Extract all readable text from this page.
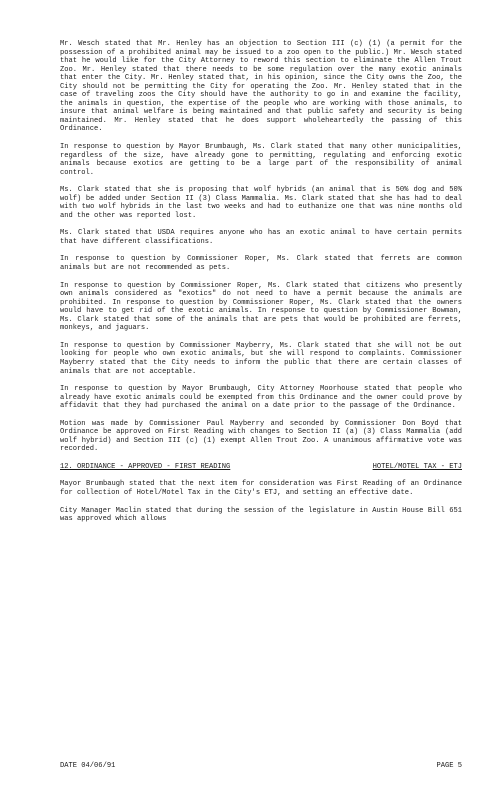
Mr. Wesch stated that Mr. Henley has an objection to Section III (c) (1) (a permit for the possession of a prohibited animal may be issued to a zoo open to the public.) Mr. Wesch stated that he would like for the City Attorney to reword this section to eliminate the Allen Trout Zoo. Mr. Henley stated that there needs to be some regulation over the many exotic animals that enter the City. Mr. Henley stated that, in his opinion, since the City owns the Zoo, the City should not be permitting the City for operating the Zoo. Mr. Henley stated that in the case of traveling zoos the City should have the authority to go in and examine the facility, the animals in question, the expertise of the people who are working with those animals, to insure that animal welfare is being maintained and that public safety and security is being maintained. Mr. Henley stated that he does support wholeheartedly the passing of this Ordinance.

In response to question by Mayor Brumbaugh, Ms. Clark stated that many other municipalities, regardless of the size, have already gone to permitting, regulating and enforcing exotic animals because exotics are getting to be a large part of the responsibility of animal control.

Ms. Clark stated that she is proposing that wolf hybrids (an animal that is 50% dog and 50% wolf) be added under Section II (3) Class Mammalia. Ms. Clark stated that she has had to deal with two wolf hybrids in the last two weeks and had to euthanize one that was nine months old and the other was reported lost.

Ms. Clark stated that USDA requires anyone who has an exotic animal to have certain permits that have different classifications.

In response to question by Commissioner Roper, Ms. Clark stated that ferrets are common animals but are not recommended as pets.

In response to question by Commissioner Roper, Ms. Clark stated that citizens who presently own animals considered as "exotics" do not need to have a permit because the animals are prohibited. In response to question by Commissioner Roper, Ms. Clark stated that the owners would have to get rid of the exotic animals. In response to question by Commissioner Bowman, Ms. Clark stated that some of the animals that are pets that would be prohibited are ferrets, monkeys, and jaguars.

In response to question by Commissioner Mayberry, Ms. Clark stated that she will not be out looking for people who own exotic animals, but she will respond to complaints. Commissioner Mayberry stated that the City needs to inform the public that there are certain classes of animals that are not acceptable.

In response to question by Mayor Brumbaugh, City Attorney Moorhouse stated that people who already have exotic animals could be exempted from this Ordinance and the owner could prove by affidavit that they had purchased the animal on a date prior to the passage of the Ordinance.

Motion was made by Commissioner Paul Mayberry and seconded by Commissioner Don Boyd that Ordinance be approved on First Reading with changes to Section II (a) (3) Class Mammalia (add wolf hybrid) and Section III (c) (1) exempt Allen Trout Zoo. A unanimous affirmative vote was recorded.

12. ORDINANCE - APPROVED - FIRST READING	HOTEL/MOTEL TAX - ETJ

Mayor Brumbaugh stated that the next item for consideration was First Reading of an Ordinance for collection of Hotel/Motel Tax in the City's ETJ, and setting an effective date.

City Manager Maclin stated that during the session of the legislature in Austin House Bill 651 was approved which allows

DATE 04/06/91	PAGE 5
